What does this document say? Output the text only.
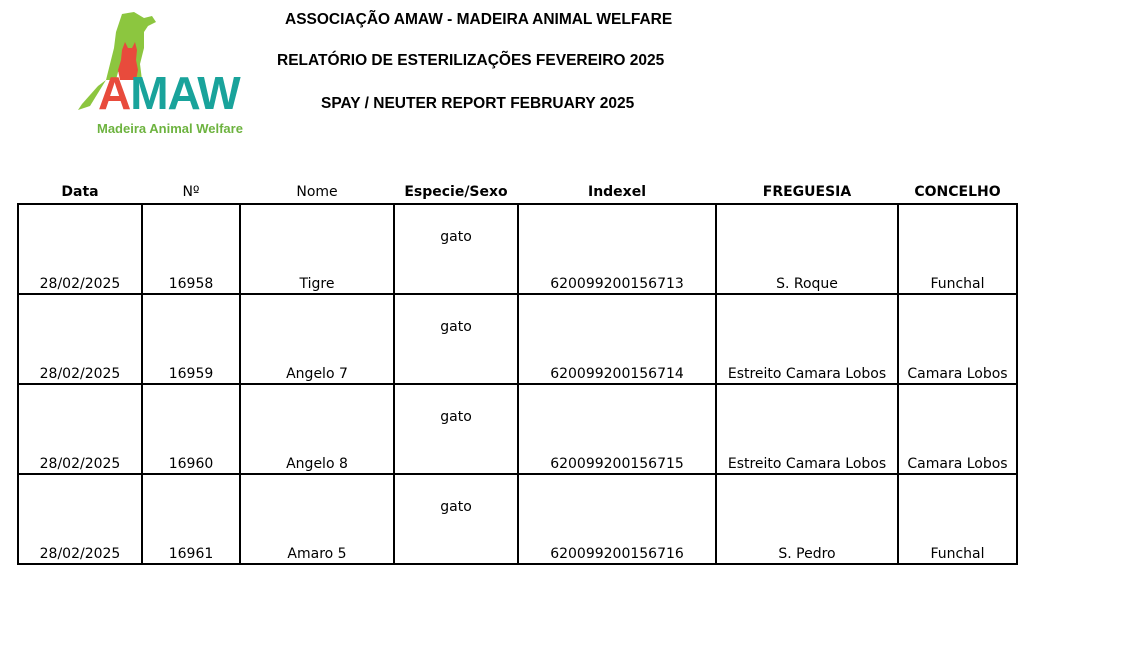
AMAW
Madeira Animal Welfare
ASSOCIAÇÃO AMAW - MADEIRA ANIMAL WELFARE
RELATÓRIO DE ESTERILIZAÇÕES FEVEREIRO 2025
SPAY / NEUTER REPORT FEBRUARY 2025
Data	Nº	Nome	Especie/Sexo	Indexel	FREGUESIA	CONCELHO
28/02/2025	16958	Tigre	gato	620099200156713	S. Roque	Funchal
28/02/2025	16959	Angelo 7	gato	620099200156714	Estreito Camara Lobos	Camara Lobos
28/02/2025	16960	Angelo 8	gato	620099200156715	Estreito Camara Lobos	Camara Lobos
28/02/2025	16961	Amaro 5	gato	620099200156716	S. Pedro	Funchal
